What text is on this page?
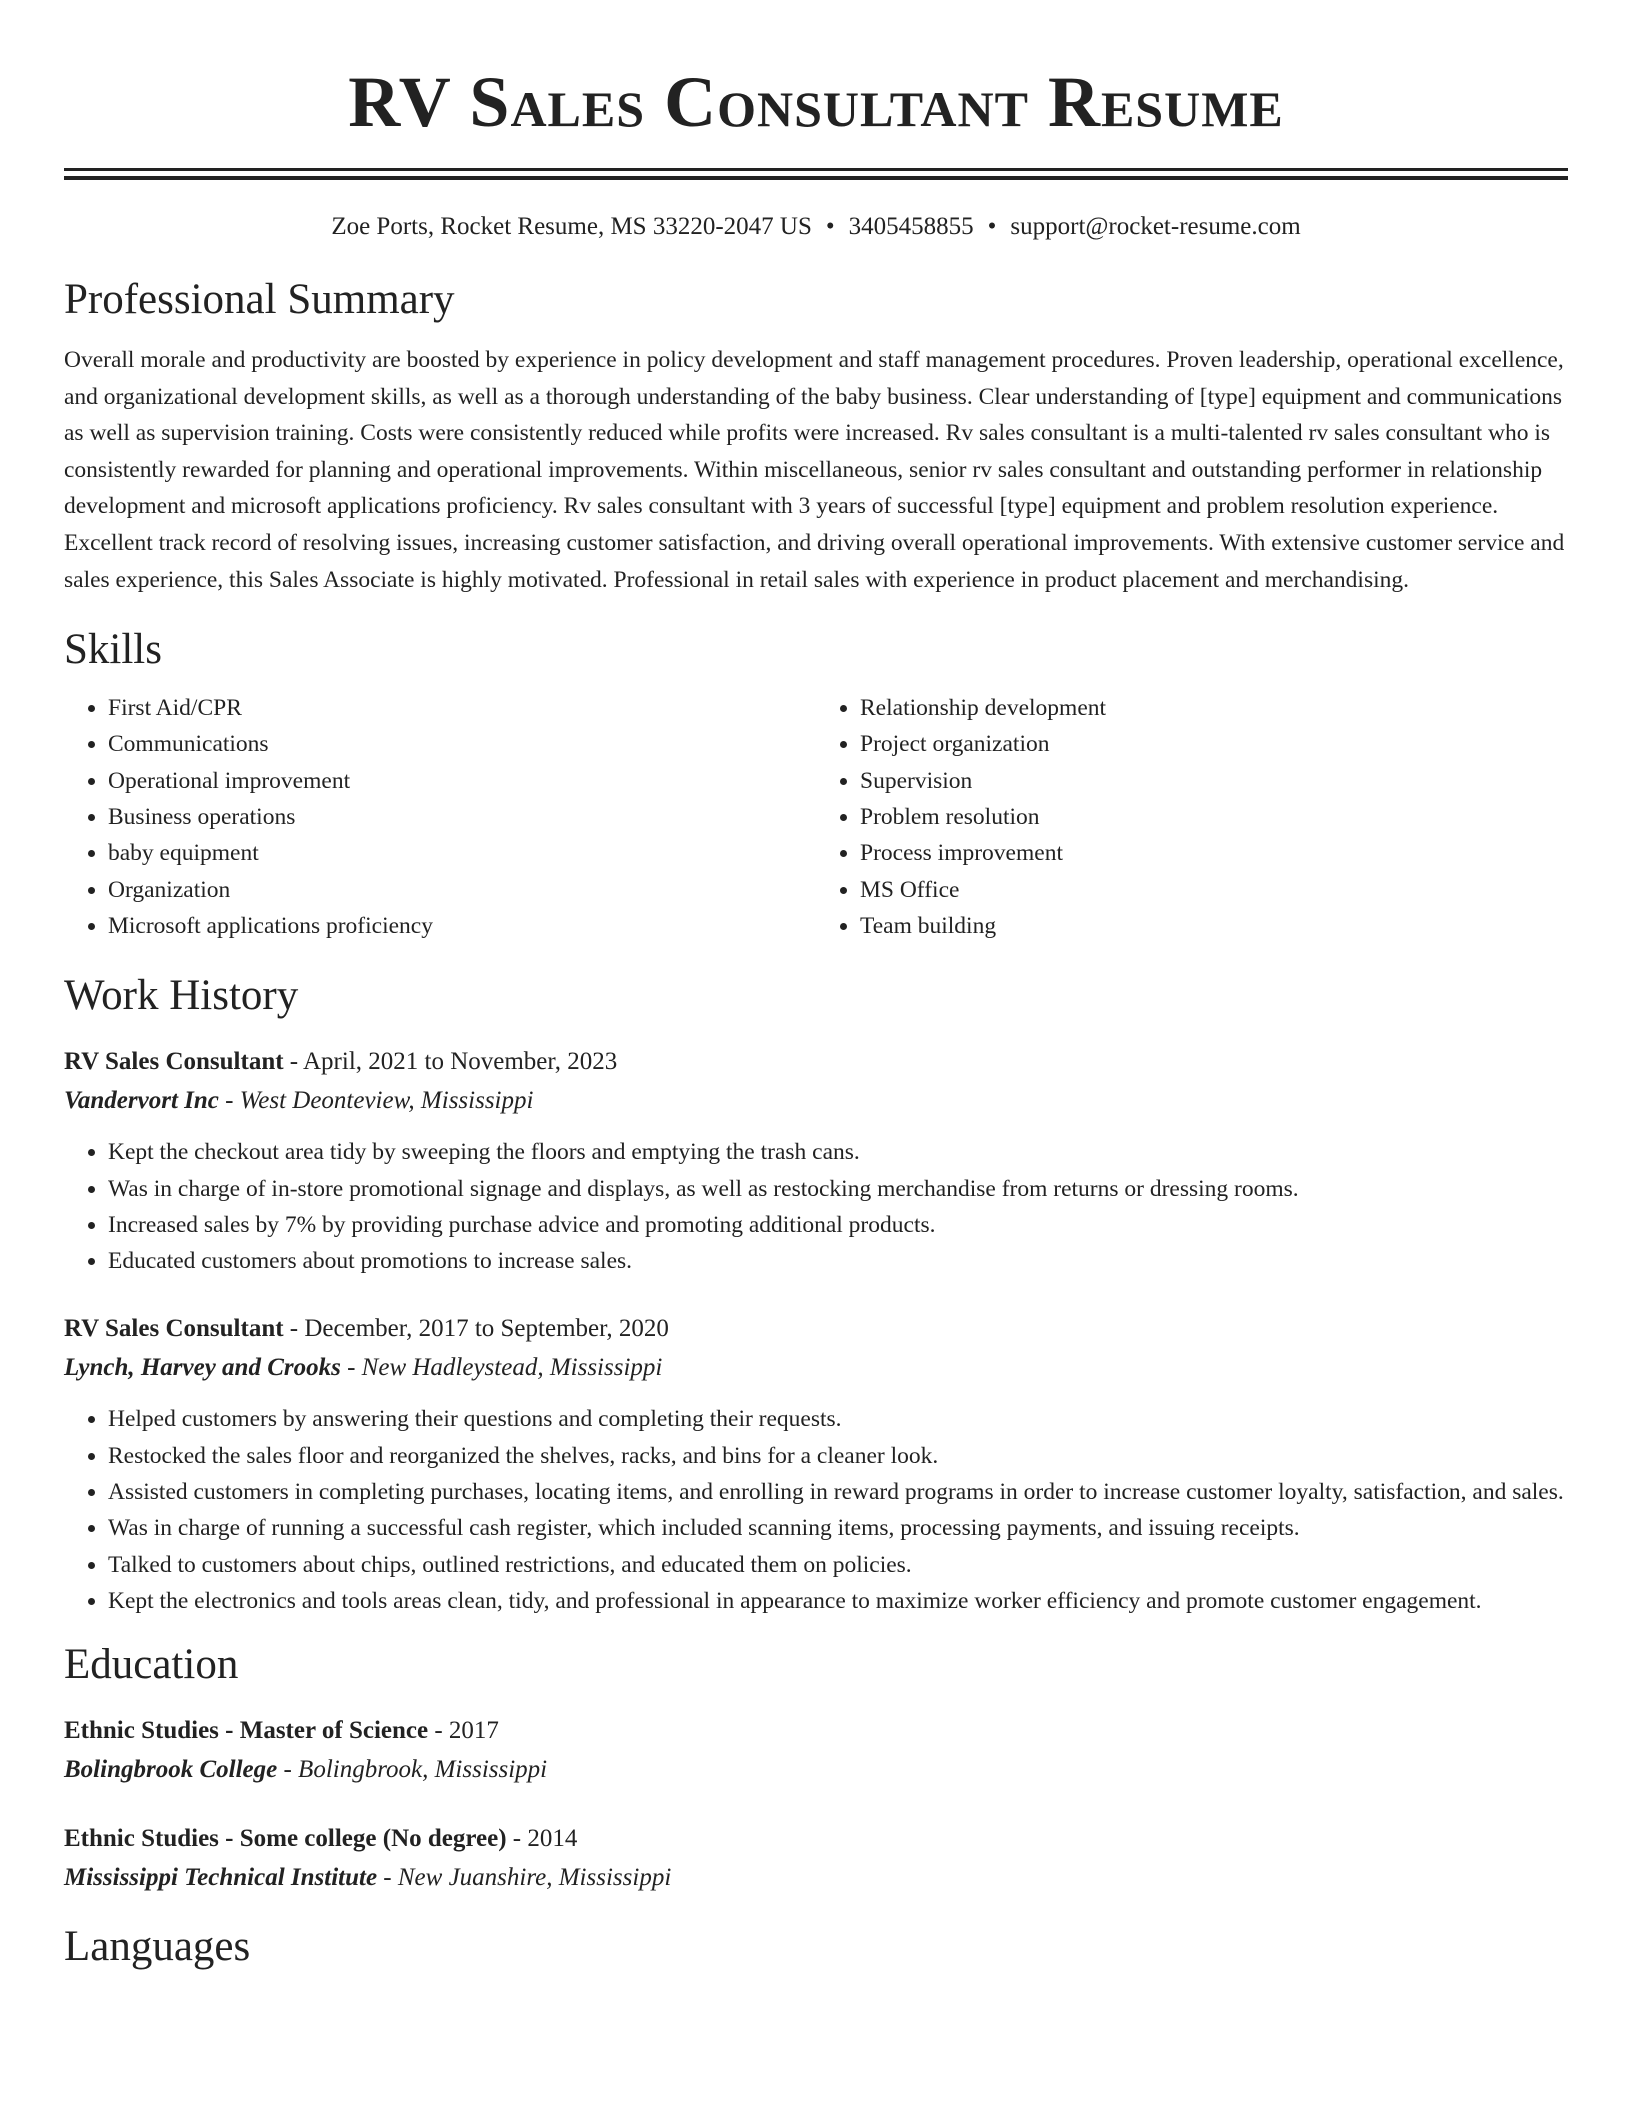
RV Sales Consultant Resume
Zoe Ports, Rocket Resume, MS 33220-2047 US • 3405458855 • support@rocket-resume.com
Professional Summary

Overall morale and productivity are boosted by experience in policy development and staff management procedures. Proven leadership, operational excellence, and organizational development skills, as well as a thorough understanding of the baby business. Clear understanding of [type] equipment and communications as well as supervision training. Costs were consistently reduced while profits were increased. Rv sales consultant is a multi-talented rv sales consultant who is consistently rewarded for planning and operational improvements. Within miscellaneous, senior rv sales consultant and outstanding performer in relationship development and microsoft applications proficiency. Rv sales consultant with 3 years of successful [type] equipment and problem resolution experience. Excellent track record of resolving issues, increasing customer satisfaction, and driving overall operational improvements. With extensive customer service and sales experience, this Sales Associate is highly motivated. Professional in retail sales with experience in product placement and merchandising.

Skills
• First Aid/CPR
• Communications
• Operational improvement
• Business operations
• baby equipment
• Organization
• Microsoft applications proficiency
• Relationship development
• Project organization
• Supervision
• Problem resolution
• Process improvement
• MS Office
• Team building
Work History
RV Sales Consultant - April, 2021 to November, 2023
Vandervort Inc - West Deonteview, Mississippi
• Kept the checkout area tidy by sweeping the floors and emptying the trash cans.
• Was in charge of in-store promotional signage and displays, as well as restocking merchandise from returns or dressing rooms.
• Increased sales by 7% by providing purchase advice and promoting additional products.
• Educated customers about promotions to increase sales.
RV Sales Consultant - December, 2017 to September, 2020
Lynch, Harvey and Crooks - New Hadleystead, Mississippi
• Helped customers by answering their questions and completing their requests.
• Restocked the sales floor and reorganized the shelves, racks, and bins for a cleaner look.
• Assisted customers in completing purchases, locating items, and enrolling in reward programs in order to increase customer loyalty, satisfaction, and sales.
• Was in charge of running a successful cash register, which included scanning items, processing payments, and issuing receipts.
• Talked to customers about chips, outlined restrictions, and educated them on policies.
• Kept the electronics and tools areas clean, tidy, and professional in appearance to maximize worker efficiency and promote customer engagement.
Education
Ethnic Studies - Master of Science - 2017
Bolingbrook College - Bolingbrook, Mississippi
Ethnic Studies - Some college (No degree) - 2014
Mississippi Technical Institute - New Juanshire, Mississippi
Languages
